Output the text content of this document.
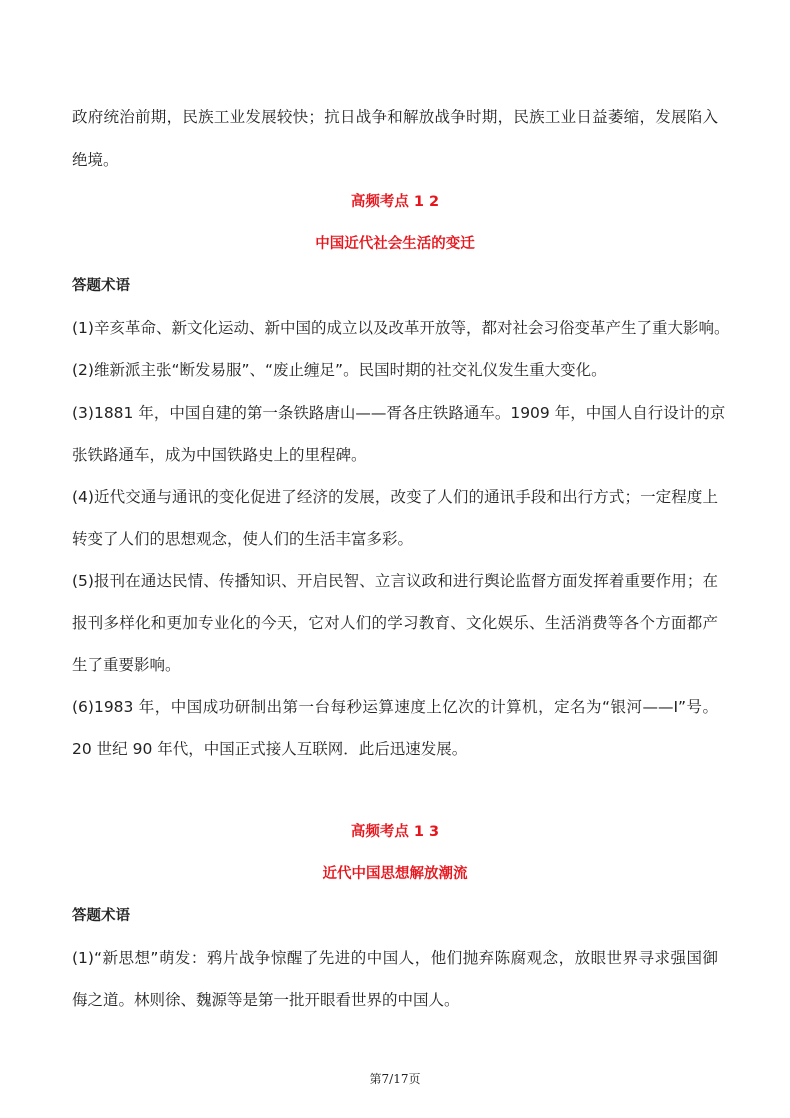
政府统治前期，民族工业发展较快；抗日战争和解放战争时期，民族工业日益萎缩，发展陷入
绝境。
高频考点 1 2
中国近代社会生活的变迁
答题术语
(1)辛亥革命、新文化运动、新中国的成立以及改革开放等，都对社会习俗变革产生了重大影响。
(2)维新派主张“断发易服”、“废止缠足”。民国时期的社交礼仪发生重大变化。
(3)1881 年，中国自建的第一条铁路唐山——胥各庄铁路通车。1909 年，中国人自行设计的京
张铁路通车，成为中国铁路史上的里程碑。
(4)近代交通与通讯的变化促进了经济的发展，改变了人们的通讯手段和出行方式；一定程度上
转变了人们的思想观念，使人们的生活丰富多彩。
(5)报刊在通达民情、传播知识、开启民智、立言议政和进行舆论监督方面发挥着重要作用；在
报刊多样化和更加专业化的今天，它对人们的学习教育、文化娱乐、生活消费等各个方面都产
生了重要影响。
(6)1983 年，中国成功研制出第一台每秒运算速度上亿次的计算机，定名为“银河——I”号。
20 世纪 90 年代，中国正式接人互联网．此后迅速发展。
高频考点 1 3
近代中国思想解放潮流
答题术语
(1)“新思想”萌发：鸦片战争惊醒了先进的中国人，他们抛弃陈腐观念，放眼世界寻求强国御
侮之道。林则徐、魏源等是第一批开眼看世界的中国人。
第7/17页
